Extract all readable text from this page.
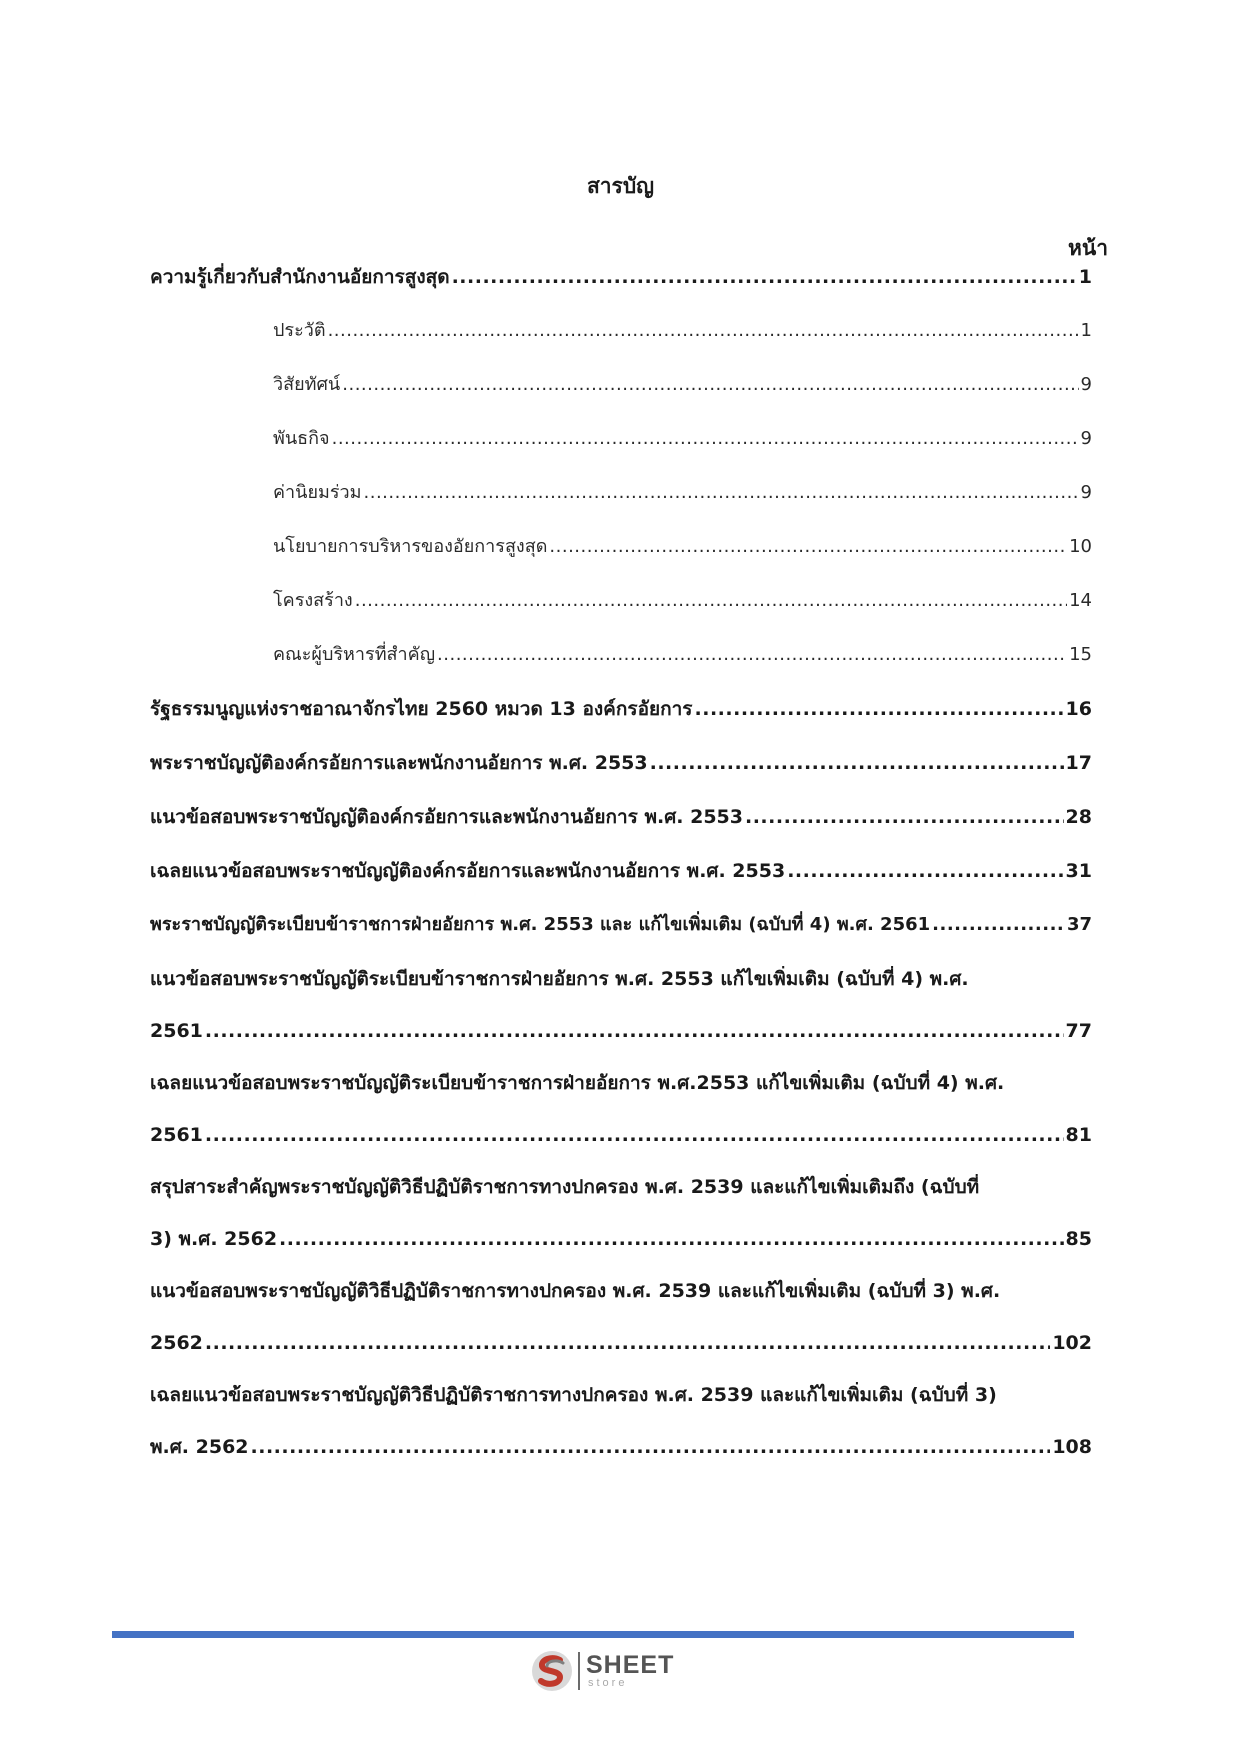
สารบัญ
หน้า
ความรู้เกี่ยวกับสำนักงานอัยการสูงสุด .....	1
ประวัติ .....	1
วิสัยทัศน์ .....	9
พันธกิจ .....	9
ค่านิยมร่วม .....	9
นโยบายการบริหารของอัยการสูงสุด .....	10
โครงสร้าง .....	14
คณะผู้บริหารที่สำคัญ .....	15
รัฐธรรมนูญแห่งราชอาณาจักรไทย 2560 หมวด 13 องค์กรอัยการ .....	16
พระราชบัญญัติองค์กรอัยการและพนักงานอัยการ พ.ศ. 2553 .....	17
แนวข้อสอบพระราชบัญญัติองค์กรอัยการและพนักงานอัยการ พ.ศ. 2553 .....	28
เฉลยแนวข้อสอบพระราชบัญญัติองค์กรอัยการและพนักงานอัยการ พ.ศ. 2553 .....	31
พระราชบัญญัติระเบียบข้าราชการฝ่ายอัยการ พ.ศ. 2553 และ แก้ไขเพิ่มเติม (ฉบับที่ 4) พ.ศ. 2561 .....	37
แนวข้อสอบพระราชบัญญัติระเบียบข้าราชการฝ่ายอัยการ พ.ศ. 2553 แก้ไขเพิ่มเติม (ฉบับที่ 4) พ.ศ.
2561 .....	77
เฉลยแนวข้อสอบพระราชบัญญัติระเบียบข้าราชการฝ่ายอัยการ พ.ศ.2553 แก้ไขเพิ่มเติม (ฉบับที่ 4) พ.ศ.
2561 .....	81
สรุปสาระสำคัญพระราชบัญญัติวิธีปฏิบัติราชการทางปกครอง พ.ศ. 2539 และแก้ไขเพิ่มเติมถึง (ฉบับที่
3) พ.ศ. 2562 .....	85
แนวข้อสอบพระราชบัญญัติวิธีปฏิบัติราชการทางปกครอง พ.ศ. 2539 และแก้ไขเพิ่มเติม (ฉบับที่ 3) พ.ศ.
2562 .....	102
เฉลยแนวข้อสอบพระราชบัญญัติวิธีปฏิบัติราชการทางปกครอง พ.ศ. 2539 และแก้ไขเพิ่มเติม (ฉบับที่ 3)
พ.ศ. 2562 .....	108
SHEET
store
